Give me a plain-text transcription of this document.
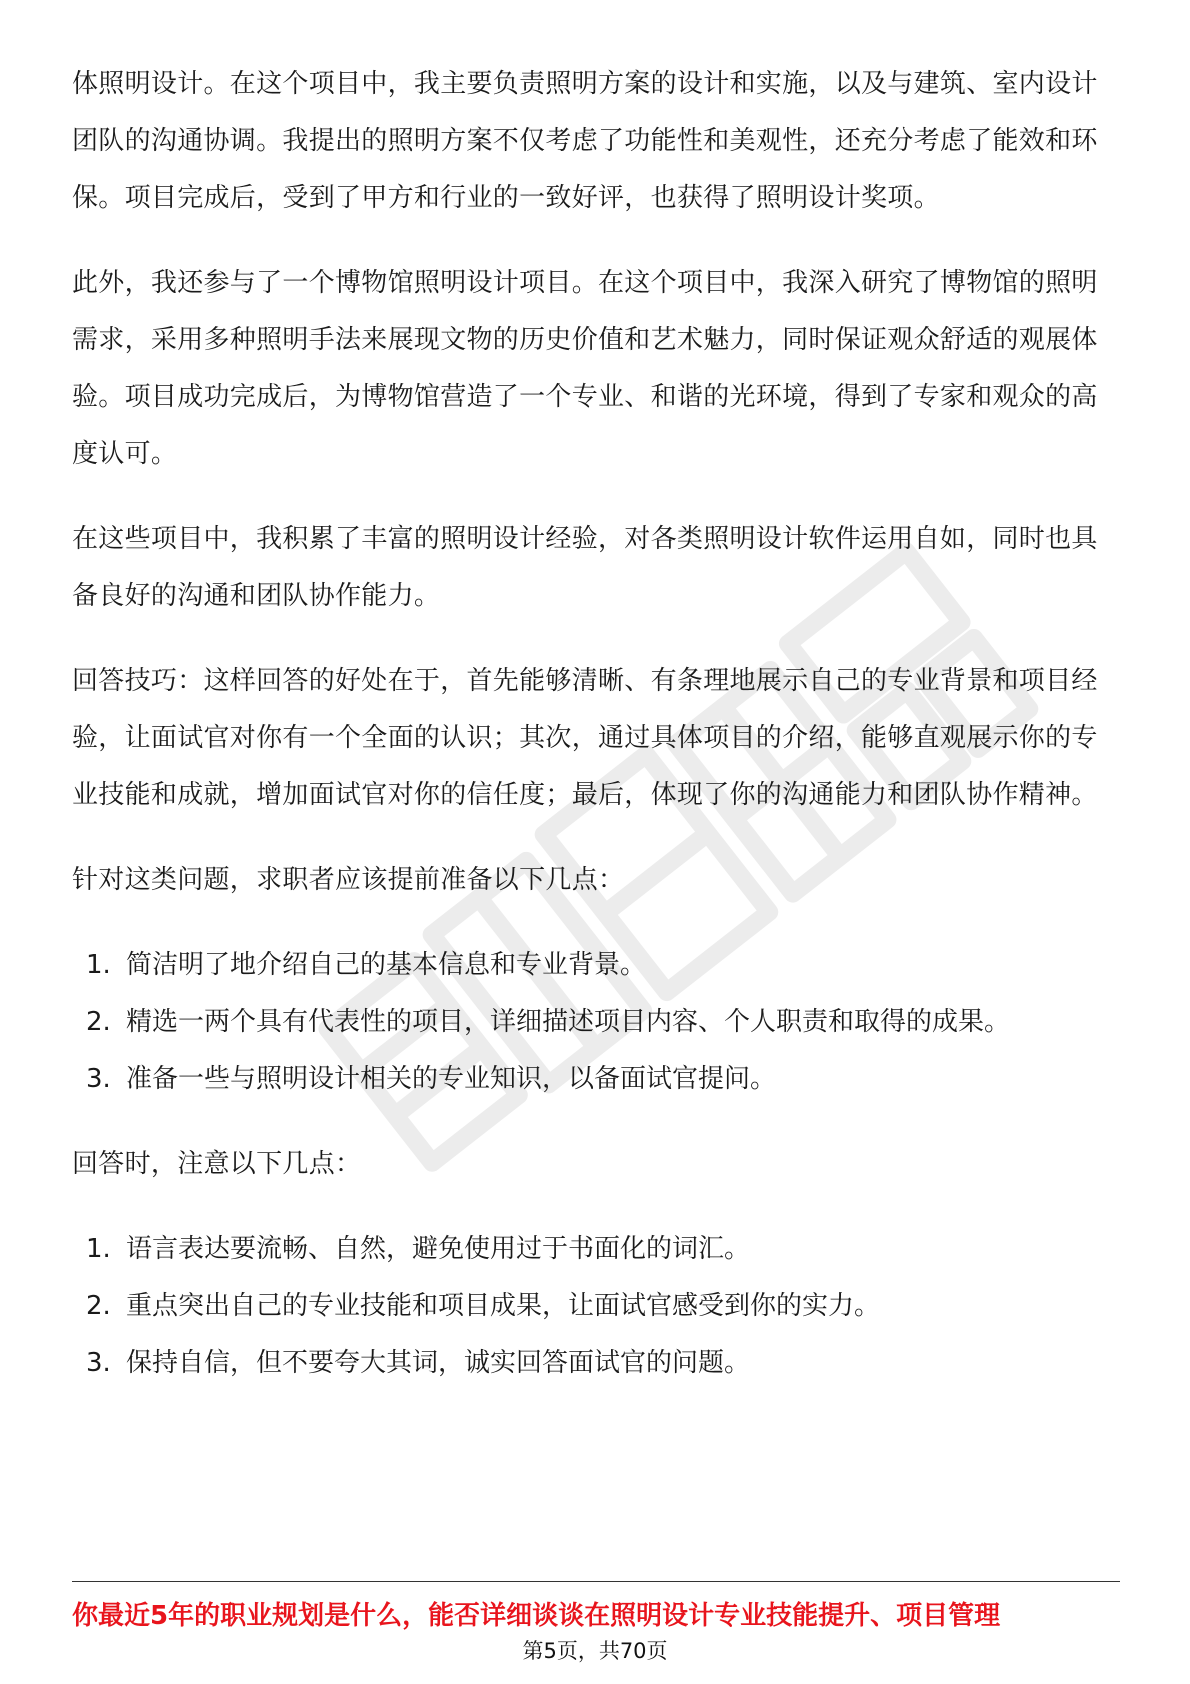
体照明设计。在这个项目中，我主要负责照明方案的设计和实施，以及与建筑、室内设计团队的沟通协调。我提出的照明方案不仅考虑了功能性和美观性，还充分考虑了能效和环保。项目完成后，受到了甲方和行业的一致好评，也获得了照明设计奖项。

此外，我还参与了一个博物馆照明设计项目。在这个项目中，我深入研究了博物馆的照明需求，采用多种照明手法来展现文物的历史价值和艺术魅力，同时保证观众舒适的观展体验。项目成功完成后，为博物馆营造了一个专业、和谐的光环境，得到了专家和观众的高度认可。

在这些项目中，我积累了丰富的照明设计经验，对各类照明设计软件运用自如，同时也具备良好的沟通和团队协作能力。

回答技巧：这样回答的好处在于，首先能够清晰、有条理地展示自己的专业背景和项目经验，让面试官对你有一个全面的认识；其次，通过具体项目的介绍，能够直观展示你的专业技能和成就，增加面试官对你的信任度；最后，体现了你的沟通能力和团队协作精神。

针对这类问题，求职者应该提前准备以下几点：

1. 简洁明了地介绍自己的基本信息和专业背景。
2. 精选一两个具有代表性的项目，详细描述项目内容、个人职责和取得的成果。
3. 准备一些与照明设计相关的专业知识，以备面试官提问。

回答时，注意以下几点：

1. 语言表达要流畅、自然，避免使用过于书面化的词汇。
2. 重点突出自己的专业技能和项目成果，让面试官感受到你的实力。
3. 保持自信，但不要夸大其词，诚实回答面试官的问题。
你最近5年的职业规划是什么，能否详细谈谈在照明设计专业技能提升、项目管理
第5页，共70页
